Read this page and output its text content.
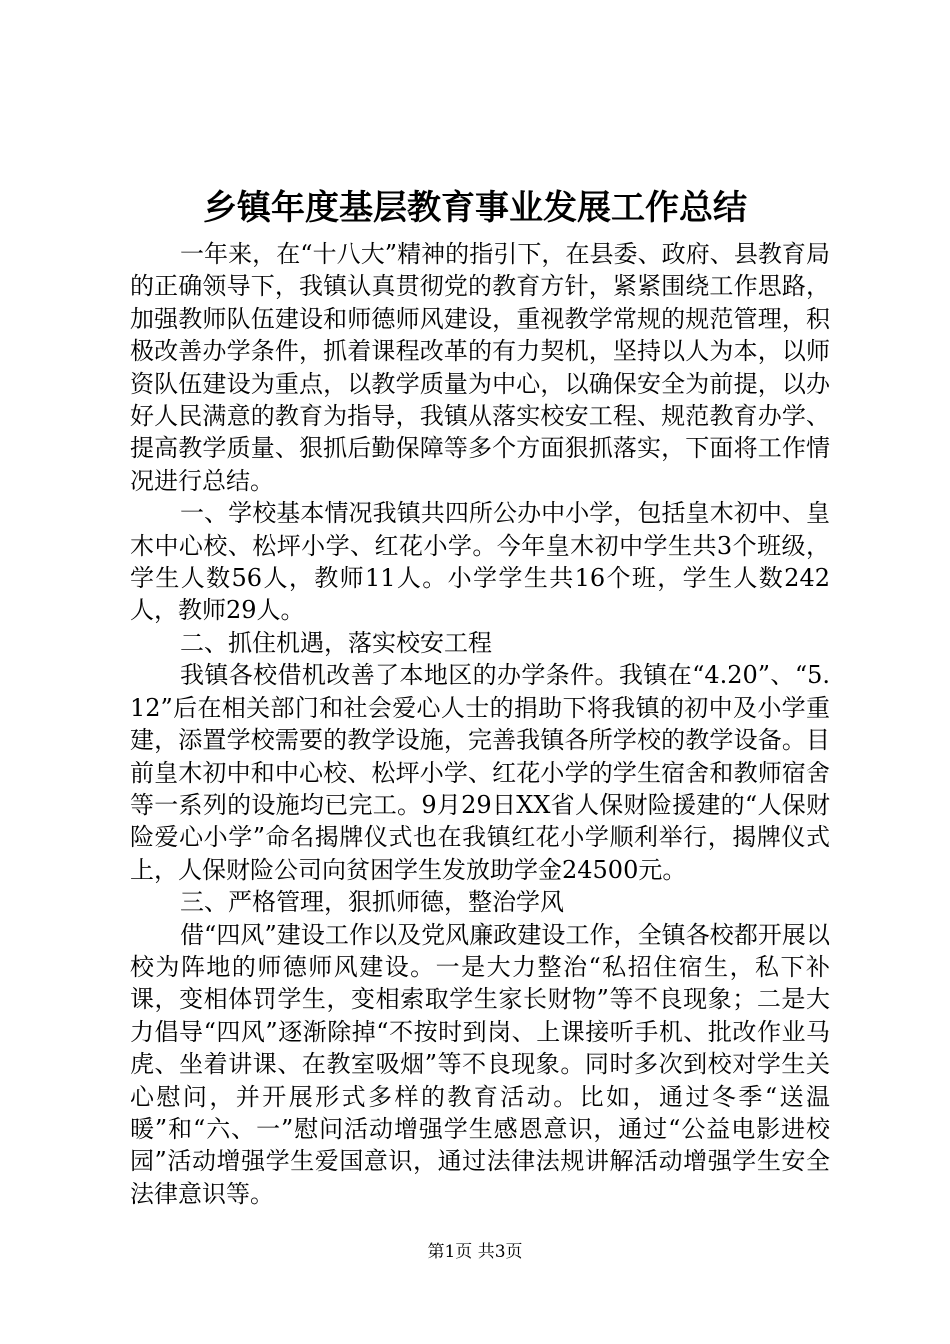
乡镇年度基层教育事业发展工作总结

一年来，在“十八大”精神的指引下，在县委、政府、县教育局的正确领导下，我镇认真贯彻党的教育方针，紧紧围绕工作思路，加强教师队伍建设和师德师风建设，重视教学常规的规范管理，积极改善办学条件，抓着课程改革的有力契机，坚持以人为本，以师资队伍建设为重点，以教学质量为中心，以确保安全为前提，以办好人民满意的教育为指导，我镇从落实校安工程、规范教育办学、提高教学质量、狠抓后勤保障等多个方面狠抓落实，下面将工作情况进行总结。

一、学校基本情况我镇共四所公办中小学，包括皇木初中、皇木中心校、松坪小学、红花小学。今年皇木初中学生共3个班级，学生人数56人，教师11人。小学学生共16个班，学生人数242人，教师29人。

二、抓住机遇，落实校安工程

我镇各校借机改善了本地区的办学条件。我镇在“4.20”、“5.12”后在相关部门和社会爱心人士的捐助下将我镇的初中及小学重建，添置学校需要的教学设施，完善我镇各所学校的教学设备。目前皇木初中和中心校、松坪小学、红花小学的学生宿舍和教师宿舍等一系列的设施均已完工。9月29日XX省人保财险援建的“人保财险爱心小学”命名揭牌仪式也在我镇红花小学顺利举行，揭牌仪式上，人保财险公司向贫困学生发放助学金24500元。

三、严格管理，狠抓师德，整治学风

借“四风”建设工作以及党风廉政建设工作，全镇各校都开展以校为阵地的师德师风建设。一是大力整治“私招住宿生，私下补课，变相体罚学生，变相索取学生家长财物”等不良现象；二是大力倡导“四风”逐渐除掉“不按时到岗、上课接听手机、批改作业马虎、坐着讲课、在教室吸烟”等不良现象。同时多次到校对学生关心慰问，并开展形式多样的教育活动。比如，通过冬季“送温暖”和“六、一”慰问活动增强学生感恩意识，通过“公益电影进校园”活动增强学生爱国意识，通过法律法规讲解活动增强学生安全法律意识等。

第1页 共3页
